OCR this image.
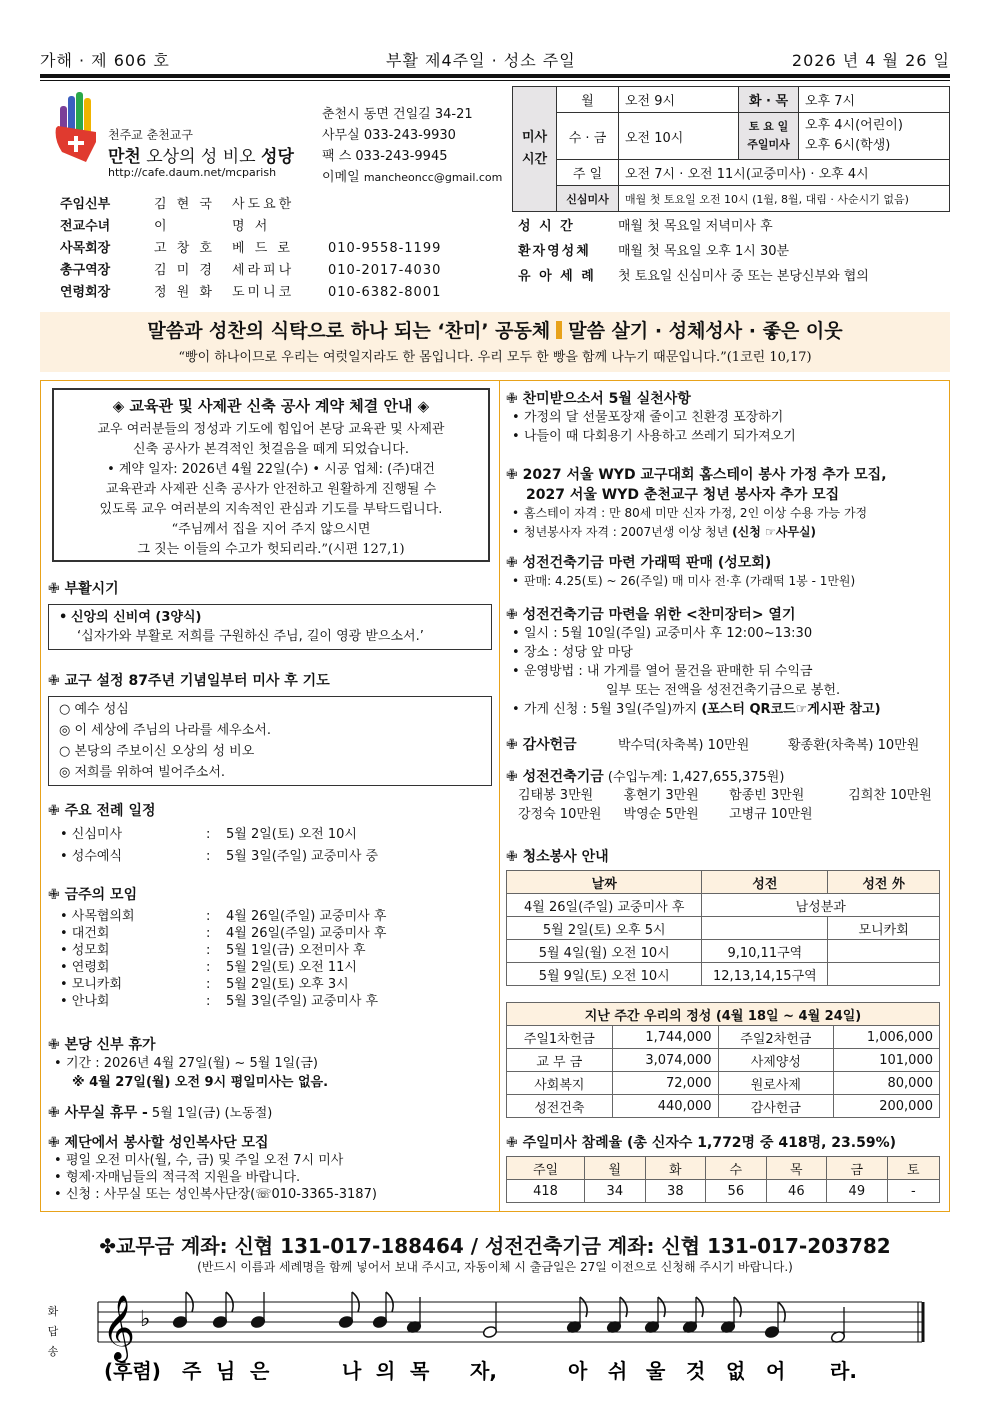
가해 · 제 606 호	부활 제4주일 · 성소 주일	2026 년 4 월 26 일
천주교 춘천교구
만천 오상의 성 비오 성당
http://cafe.daum.net/mcparish
춘천시 동면 건일길 34-21
사무실 033-243-9930
팩 스 033-243-9945
이메일 mancheoncc@gmail.com
주임신부	김 현 국	사도요한
전교수녀	이	명 서
사목회장	고 창 호	베 드 로	010-9558-1199
총구역장	김 미 경	세라피나	010-2017-4030
연령회장	정 원 화	도미니코	010-6382-8001
미사
시간	월	오전 9시	화 · 목	오후 7시
	수 · 금	오전 10시	토 요 일
주일미사	오후 4시(어린이)
오후 6시(학생)
	주 일	오전 7시 · 오전 11시(교중미사) · 오후 4시		
	신심미사	매월 첫 토요일 오전 10시 (1월, 8월, 대림 · 사순시기 없음)		
성 시 간	매월 첫 목요일 저녁미사 후
환자영성체	매월 첫 목요일 오후 1시 30분
유 아 세 례	첫 토요일 신심미사 중 또는 본당신부와 협의
말씀과 성찬의 식탁으로 하나 되는 ‘찬미’ 공동체 말씀 살기 · 성체성사 · 좋은 이웃
“빵이 하나이므로 우리는 여럿일지라도 한 몸입니다. 우리 모두 한 빵을 함께 나누기 때문입니다.”(1코린 10,17)
◈ 교육관 및 사제관 신축 공사 계약 체결 안내 ◈
교우 여러분들의 정성과 기도에 힘입어 본당 교육관 및 사제관
신축 공사가 본격적인 첫걸음을 떼게 되었습니다.
• 계약 일자: 2026년 4월 22일(수) • 시공 업체: (주)대건
교육관과 사제관 신축 공사가 안전하고 원활하게 진행될 수
있도록 교우 여러분의 지속적인 관심과 기도를 부탁드립니다.
“주님께서 집을 지어 주지 않으시면
그 짓는 이들의 수고가 헛되리라.”(시편 127,1)
✙ 부활시기
• 신앙의 신비여 (3양식)
‘십자가와 부활로 저희를 구원하신 주님, 길이 영광 받으소서.’
✙ 교구 설정 87주년 기념일부터 미사 후 기도
○ 예수 성심
◎ 이 세상에 주님의 나라를 세우소서.
○ 본당의 주보이신 오상의 성 비오
◎ 저희를 위하여 빌어주소서.
✙ 주요 전례 일정
• 신심미사	:	5월 2일(토) 오전 10시
• 성수예식	:	5월 3일(주일) 교중미사 중
✙ 금주의 모임
• 사목협의회	:	4월 26일(주일) 교중미사 후
• 대건회	:	4월 26일(주일) 교중미사 후
• 성모회	:	5월 1일(금) 오전미사 후
• 연령회	:	5월 2일(토) 오전 11시
• 모니카회	:	5월 2일(토) 오후 3시
• 안나회	:	5월 3일(주일) 교중미사 후
✙ 본당 신부 휴가
• 기간 : 2026년 4월 27일(월) ~ 5월 1일(금)
※ 4월 27일(월) 오전 9시 평일미사는 없음.
✙ 사무실 휴무 - 5월 1일(금) (노동절)
✙ 제단에서 봉사할 성인복사단 모집
• 평일 오전 미사(월, 수, 금) 및 주일 오전 7시 미사
• 형제·자매님들의 적극적 지원을 바랍니다.
• 신청 : 사무실 또는 성인복사단장(☏010-3365-3187)
✙ 찬미받으소서 5월 실천사항
• 가정의 달 선물포장재 줄이고 친환경 포장하기
• 나들이 때 다회용기 사용하고 쓰레기 되가져오기
✙ 2027 서울 WYD 교구대회 홈스테이 봉사 가정 추가 모집,
2027 서울 WYD 춘천교구 청년 봉사자 추가 모집
• 홈스테이 자격 : 만 80세 미만 신자 가정, 2인 이상 수용 가능 가정
• 청년봉사자 자격 : 2007년생 이상 청년 (신청 ☞사무실)
✙ 성전건축기금 마련 가래떡 판매 (성모회)
• 판매: 4.25(토) ~ 26(주일) 매 미사 전·후 (가래떡 1봉 - 1만원)
✙ 성전건축기금 마련을 위한 <찬미장터> 열기
• 일시 : 5월 10일(주일) 교중미사 후 12:00~13:30
• 장소 : 성당 앞 마당
• 운영방법 : 내 가게를 열어 물건을 판매한 뒤 수익금
일부 또는 전액을 성전건축기금으로 봉헌.
• 가게 신청 : 5월 3일(주일)까지 (포스터 QR코드☞게시판 참고)
✙ 감사헌금	박수덕(차축복) 10만원	황종환(차축복) 10만원
✙ 성전건축기금 (수입누계: 1,427,655,375원)
김태봉 3만원	홍현기 3만원	함종빈 3만원	김희찬 10만원
강정숙 10만원	박영순 5만원	고병규 10만원
✙ 청소봉사 안내
날짜	성전	성전 外
4월 26일(주일) 교중미사 후	남성분과	
5월 2일(토) 오후 5시		모니카회
5월 4일(월) 오전 10시	9,10,11구역	
5월 9일(토) 오전 10시	12,13,14,15구역	
지난 주간 우리의 정성 (4월 18일 ~ 4월 24일)			
주일1차헌금	1,744,000	주일2차헌금	1,006,000
교 무 금	3,074,000	사제양성	101,000
사회복지	72,000	원로사제	80,000
성전건축	440,000	감사헌금	200,000
✙ 주일미사 참례율 (총 신자수 1,772명 중 418명, 23.59%)
주일	월	화	수	목	금	토
418	34	38	56	46	49	-
✤교무금 계좌: 신협 131-017-188464 / 성전건축기금 계좌: 신협 131-017-203782
(반드시 이름과 세례명을 함께 넣어서 보내 주시고, 자동이체 시 출금일은 27일 이전으로 신청해 주시기 바랍니다.)
화
답
송 𝄞 ♭
(후렴) 주 님 은	나 의 목 자,	아 쉬 울 것 없 어 라.
